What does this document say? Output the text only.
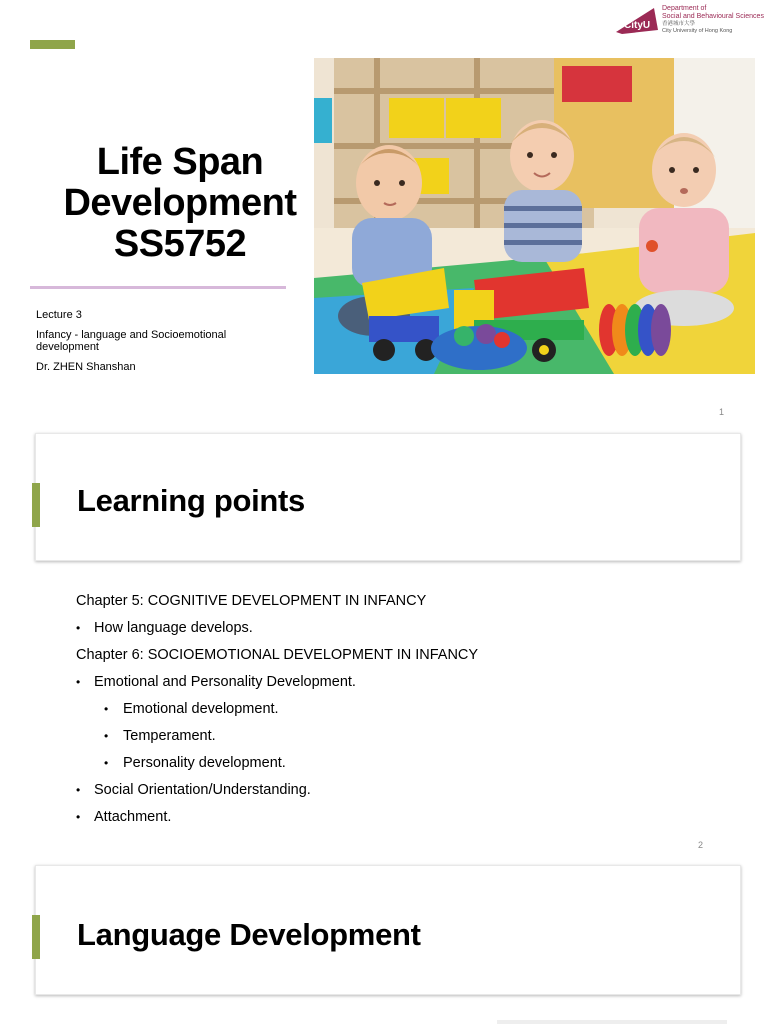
CityU
Department of
Social and Behavioural Sciences
香港城市大學
City University of Hong Kong
Life Span
Development
SS5752
Lecture 3
Infancy - language and Socioemotional
development
Dr. ZHEN Shanshan
1
Learning points
Chapter 5: COGNITIVE DEVELOPMENT IN INFANCY
• How language develops.
Chapter 6: SOCIOEMOTIONAL DEVELOPMENT IN INFANCY
• Emotional and Personality Development.
• Emotional development.
• Temperament.
• Personality development.
• Social Orientation/Understanding.
• Attachment.
2
Language Development
